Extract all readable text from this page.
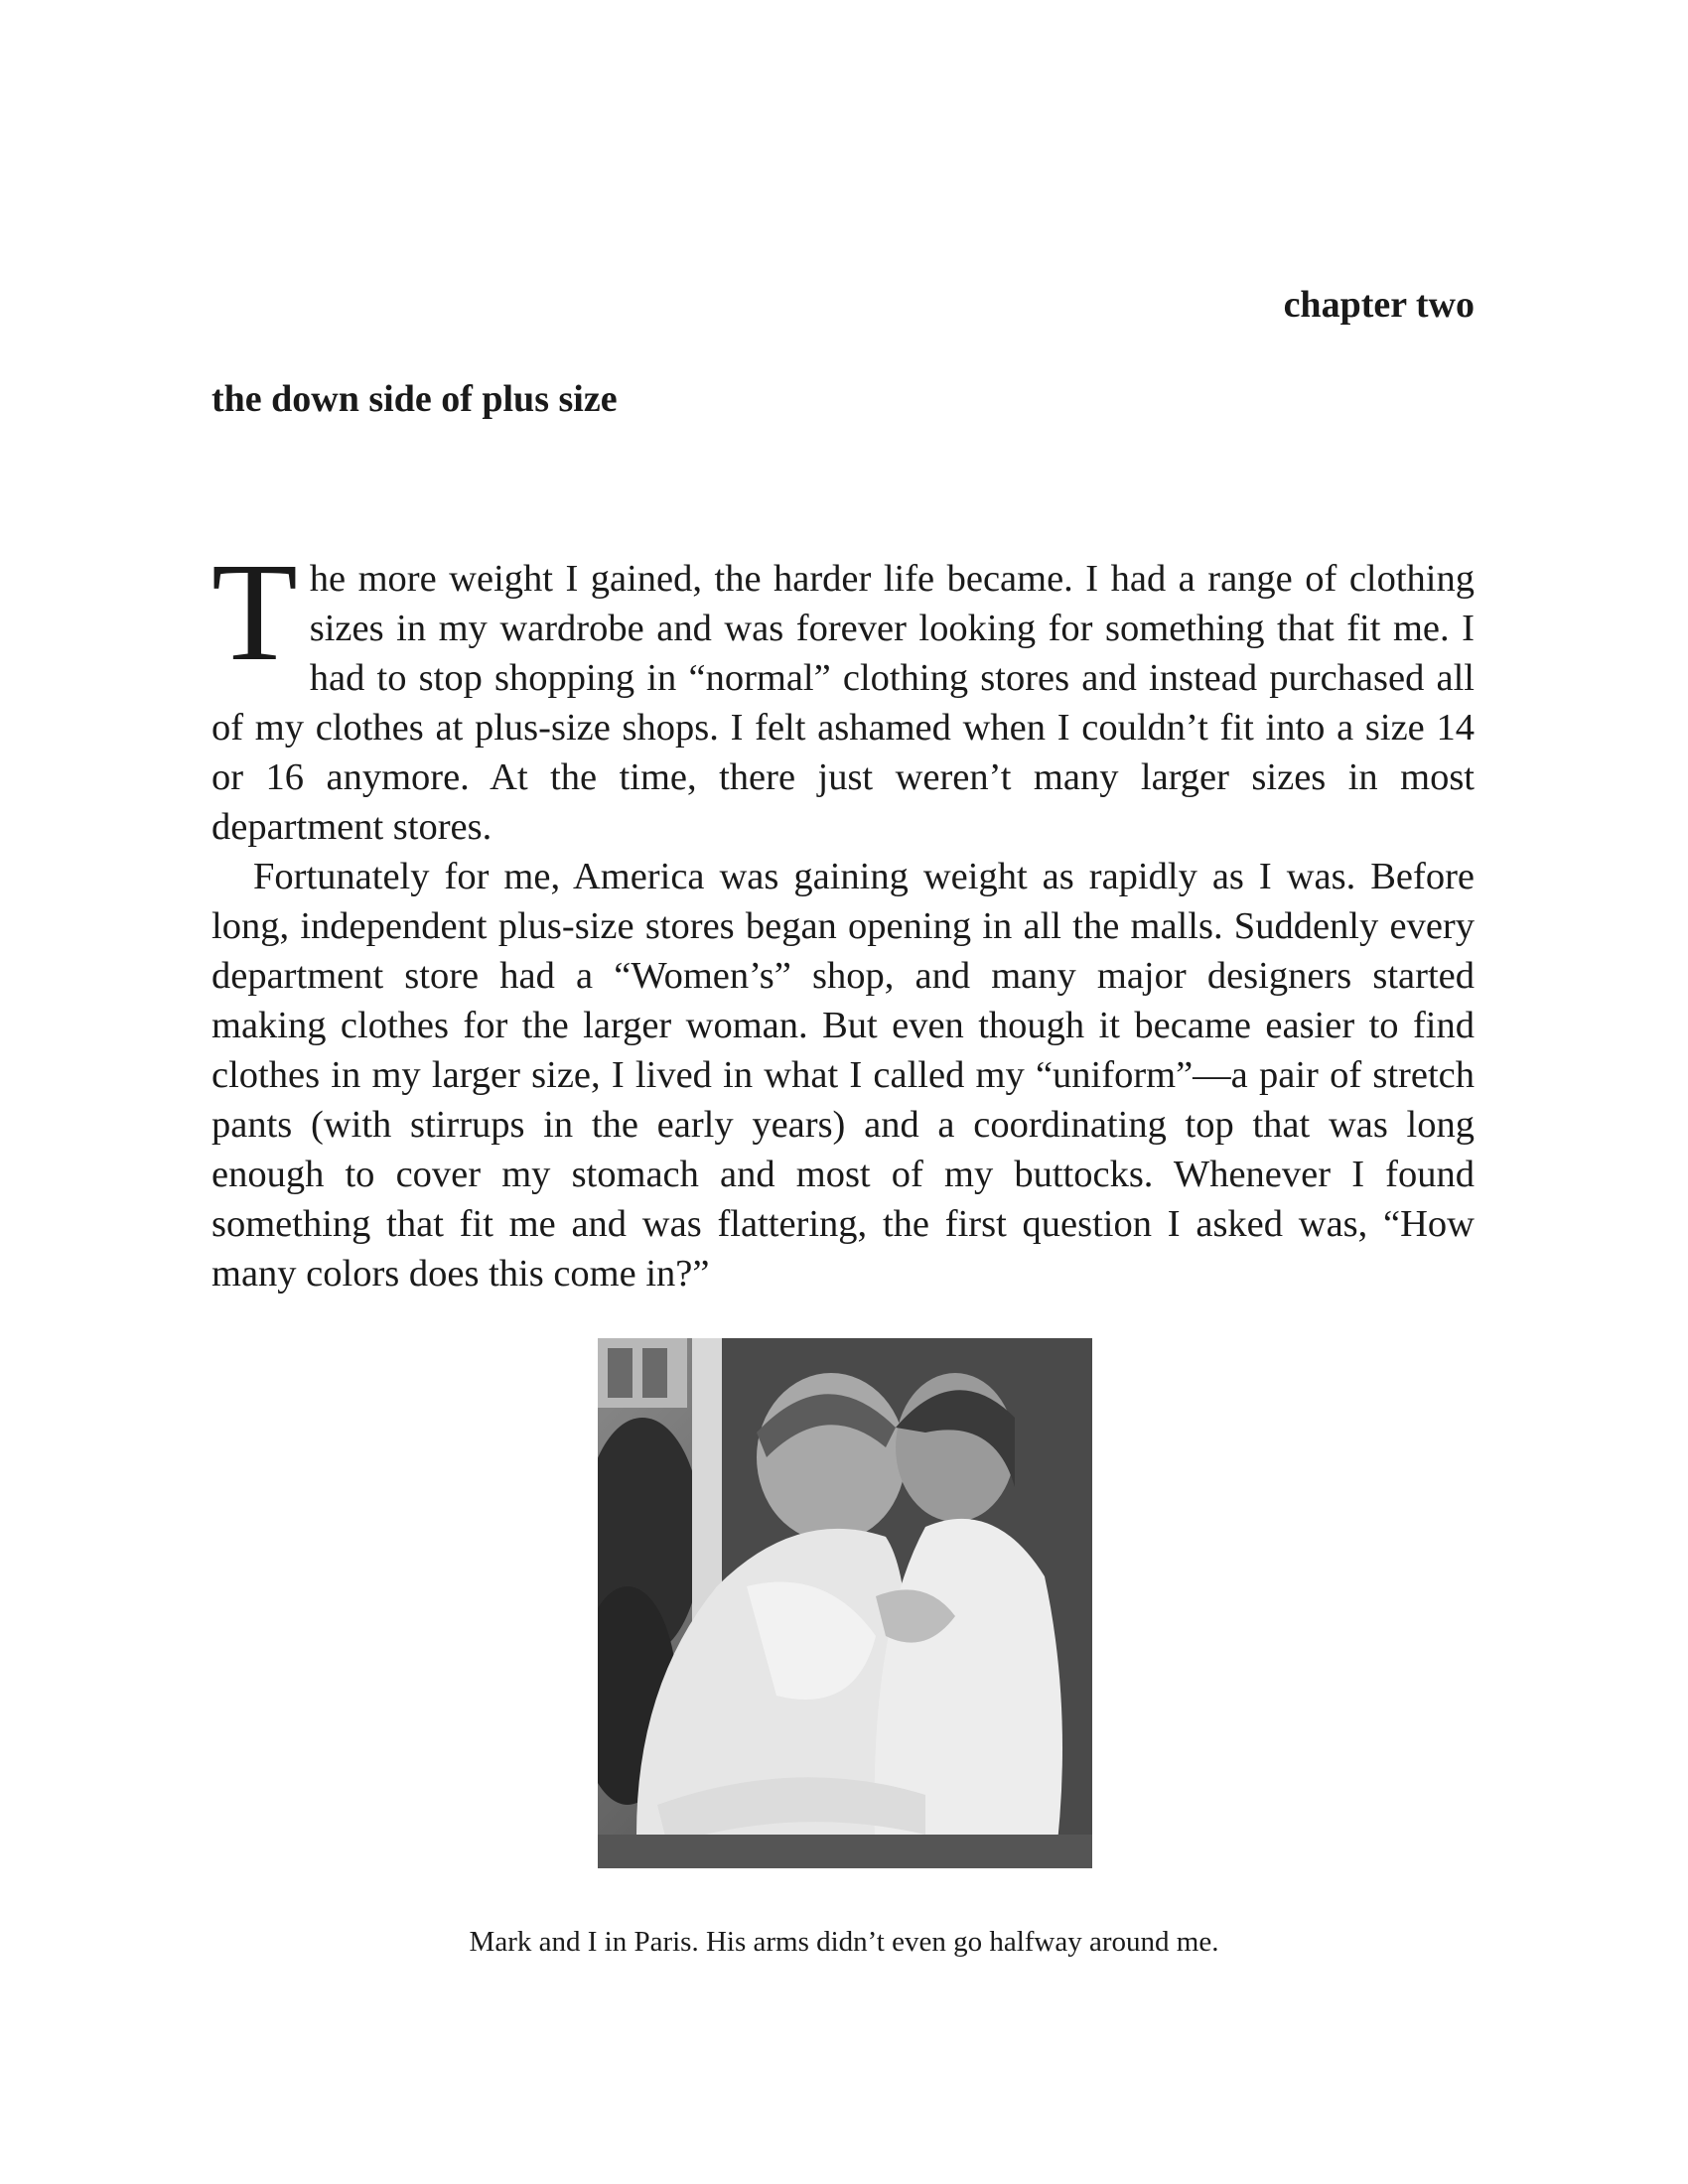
chapter two
the down side of plus size

The more weight I gained, the harder life became. I had a range of clothing sizes in my wardrobe and was forever looking for something that fit me. I had to stop shopping in “normal” clothing stores and instead purchased all of my clothes at plus-size shops. I felt ashamed when I couldn’t fit into a size 14 or 16 anymore. At the time, there just weren’t many larger sizes in most department stores.

Fortunately for me, America was gaining weight as rapidly as I was. Before long, independent plus-size stores began opening in all the malls. Suddenly every department store had a “Women’s” shop, and many major designers started making clothes for the larger woman. But even though it became easier to find clothes in my larger size, I lived in what I called my “uniform”—a pair of stretch pants (with stirrups in the early years) and a coordinating top that was long enough to cover my stomach and most of my buttocks. Whenever I found something that fit me and was flattering, the first question I asked was, “How many colors does this come in?”

Mark and I in Paris. His arms didn’t even go halfway around me.
